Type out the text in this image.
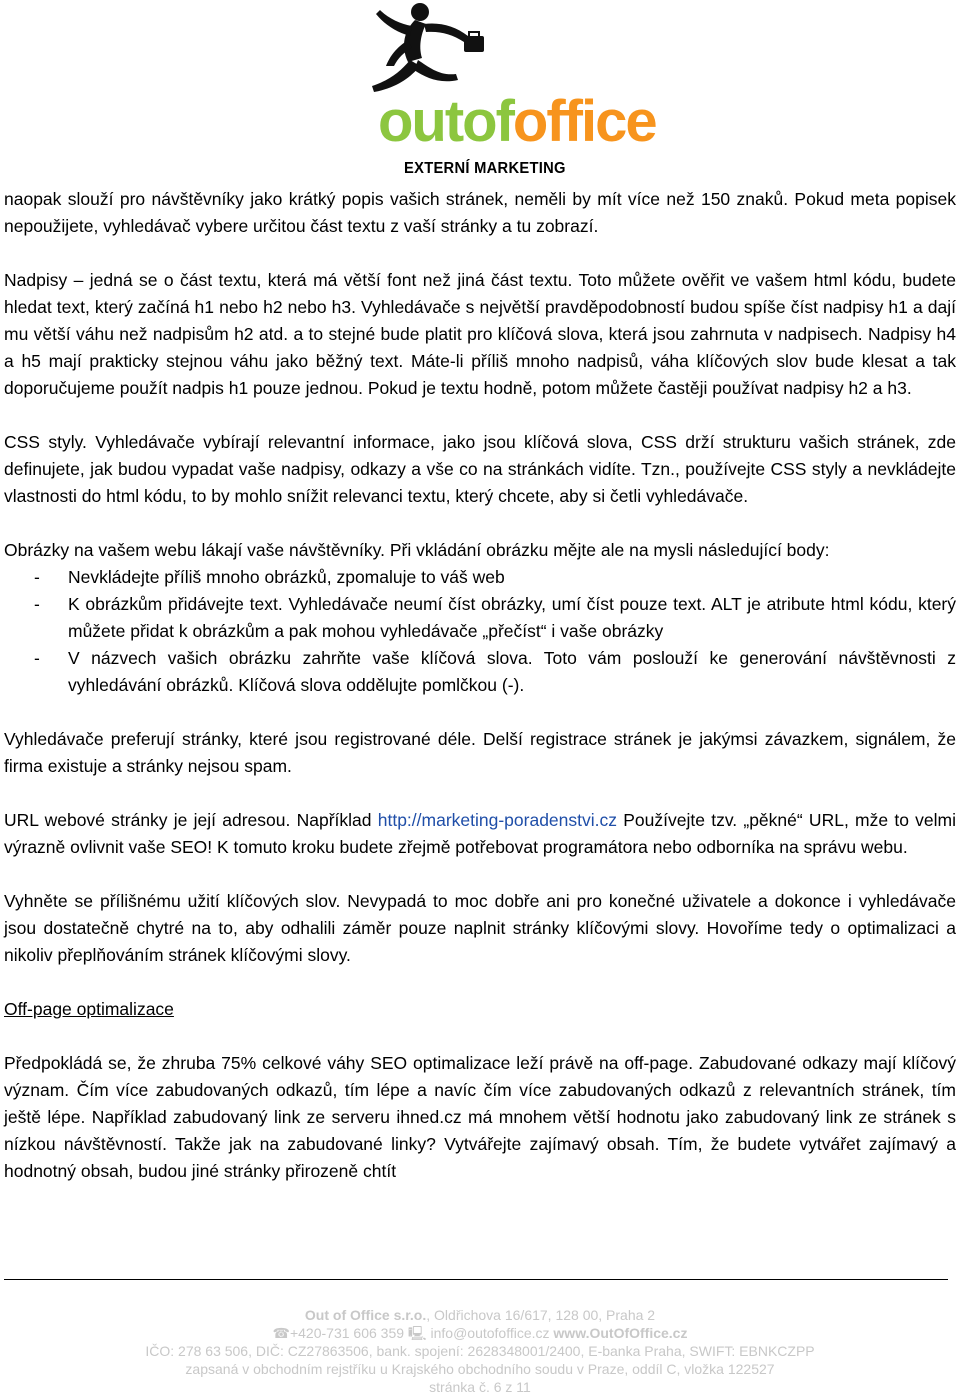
outofoffice
EXTERNÍ MARKETING

naopak slouží pro návštěvníky jako krátký popis vašich stránek, neměli by mít více než 150 znaků. Pokud meta popisek nepoužijete, vyhledávač vybere určitou část textu z vaší stránky a tu zobrazí.

Nadpisy – jedná se o část textu, která má větší font než jiná část textu. Toto můžete ověřit ve vašem html kódu, budete hledat text, který začíná h1 nebo h2 nebo h3. Vyhledávače s největší pravděpodobností budou spíše číst nadpisy h1 a dají mu větší váhu než nadpisům h2 atd. a to stejné bude platit pro klíčová slova, která jsou zahrnuta v nadpisech. Nadpisy h4 a h5 mají prakticky stejnou váhu jako běžný text. Máte-li příliš mnoho nadpisů, váha klíčových slov bude klesat a tak doporučujeme použít nadpis h1 pouze jednou. Pokud je textu hodně, potom můžete častěji používat nadpisy h2 a h3.

CSS styly. Vyhledávače vybírají relevantní informace, jako jsou klíčová slova, CSS drží strukturu vašich stránek, zde definujete, jak budou vypadat vaše nadpisy, odkazy a vše co na stránkách vidíte. Tzn., používejte CSS styly a nevkládejte vlastnosti do html kódu, to by mohlo snížit relevanci textu, který chcete, aby si četli vyhledávače.

Obrázky na vašem webu lákají vaše návštěvníky. Při vkládání obrázku mějte ale na mysli následující body:

- Nevkládejte příliš mnoho obrázků, zpomaluje to váš web
- K obrázkům přidávejte text. Vyhledávače neumí číst obrázky, umí číst pouze text. ALT je atribute html kódu, který můžete přidat k obrázkům a pak mohou vyhledávače „přečíst“ i vaše obrázky
- V názvech vašich obrázku zahrňte vaše klíčová slova. Toto vám poslouží ke generování návštěvnosti z vyhledávání obrázků. Klíčová slova oddělujte pomlčkou (-).

Vyhledávače preferují stránky, které jsou registrované déle. Delší registrace stránek je jakýmsi závazkem, signálem, že firma existuje a stránky nejsou spam.

URL webové stránky je její adresou. Například http://marketing-poradenstvi.cz Používejte tzv. „pěkné“ URL, mže to velmi výrazně ovlivnit vaše SEO! K tomuto kroku budete zřejmě potřebovat programátora nebo odborníka na správu webu.

Vyhněte se přílišnému užití klíčových slov. Nevypadá to moc dobře ani pro konečné uživatele a dokonce i vyhledávače jsou dostatečně chytré na to, aby odhalili záměr pouze naplnit stránky klíčovými slovy. Hovoříme tedy o optimalizaci a nikoliv přeplňováním stránek klíčovými slovy.

Off-page optimalizace

Předpokládá se, že zhruba 75% celkové váhy SEO optimalizace leží právě na off-page. Zabudované odkazy mají klíčový význam. Čím více zabudovaných odkazů, tím lépe a navíc čím více zabudovaných odkazů z relevantních stránek, tím ještě lépe. Například zabudovaný link ze serveru ihned.cz má mnohem větší hodnotu jako zabudovaný link ze stránek s nízkou návštěvností. Takže jak na zabudované linky? Vytvářejte zajímavý obsah. Tím, že budete vytvářet zajímavý a hodnotný obsah, budou jiné stránky přirozeně chtít

Out of Office s.r.o., Oldřichova 16/617, 128 00, Praha 2
☎+420-731 606 359 🖳 info@outofoffice.cz www.OutOfOffice.cz
IČO: 278 63 506, DIČ: CZ27863506, bank. spojení: 2628348001/2400, E-banka Praha, SWIFT: EBNKCZPP
zapsaná v obchodním rejstříku u Krajského obchodního soudu v Praze, oddíl C, vložka 122527
stránka č. 6 z 11
